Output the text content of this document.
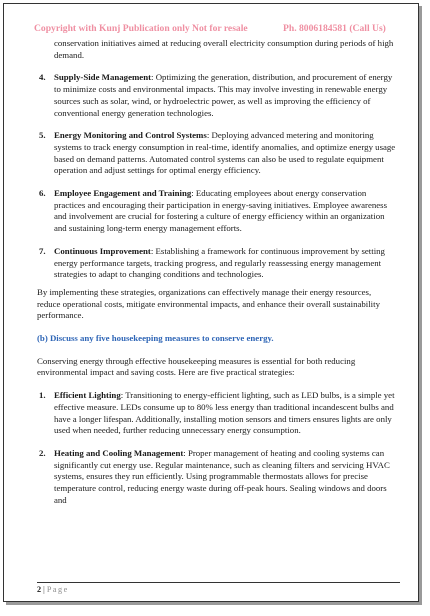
Copyright with Kunj Publication only Not for resale	Ph. 8006184581 (Call Us)
conservation initiatives aimed at reducing overall electricity consumption during periods of high demand.
4. Supply-Side Management: Optimizing the generation, distribution, and procurement of energy to minimize costs and environmental impacts. This may involve investing in renewable energy sources such as solar, wind, or hydroelectric power, as well as improving the efficiency of conventional energy generation technologies.
5. Energy Monitoring and Control Systems: Deploying advanced metering and monitoring systems to track energy consumption in real-time, identify anomalies, and optimize energy usage based on demand patterns. Automated control systems can also be used to regulate equipment operation and adjust settings for optimal energy efficiency.
6. Employee Engagement and Training: Educating employees about energy conservation practices and encouraging their participation in energy-saving initiatives. Employee awareness and involvement are crucial for fostering a culture of energy efficiency within an organization and sustaining long-term energy management efforts.
7. Continuous Improvement: Establishing a framework for continuous improvement by setting energy performance targets, tracking progress, and regularly reassessing energy management strategies to adapt to changing conditions and technologies.

By implementing these strategies, organizations can effectively manage their energy resources, reduce operational costs, mitigate environmental impacts, and enhance their overall sustainability performance.

(b) Discuss any five housekeeping measures to conserve energy.

Conserving energy through effective housekeeping measures is essential for both reducing environmental impact and saving costs. Here are five practical strategies:

1. Efficient Lighting: Transitioning to energy-efficient lighting, such as LED bulbs, is a simple yet effective measure. LEDs consume up to 80% less energy than traditional incandescent bulbs and have a longer lifespan. Additionally, installing motion sensors and timers ensures lights are only used when needed, further reducing unnecessary energy consumption.
2. Heating and Cooling Management: Proper management of heating and cooling systems can significantly cut energy use. Regular maintenance, such as cleaning filters and servicing HVAC systems, ensures they run efficiently. Using programmable thermostats allows for precise temperature control, reducing energy waste during off-peak hours. Sealing windows and doors and
2 | Page
